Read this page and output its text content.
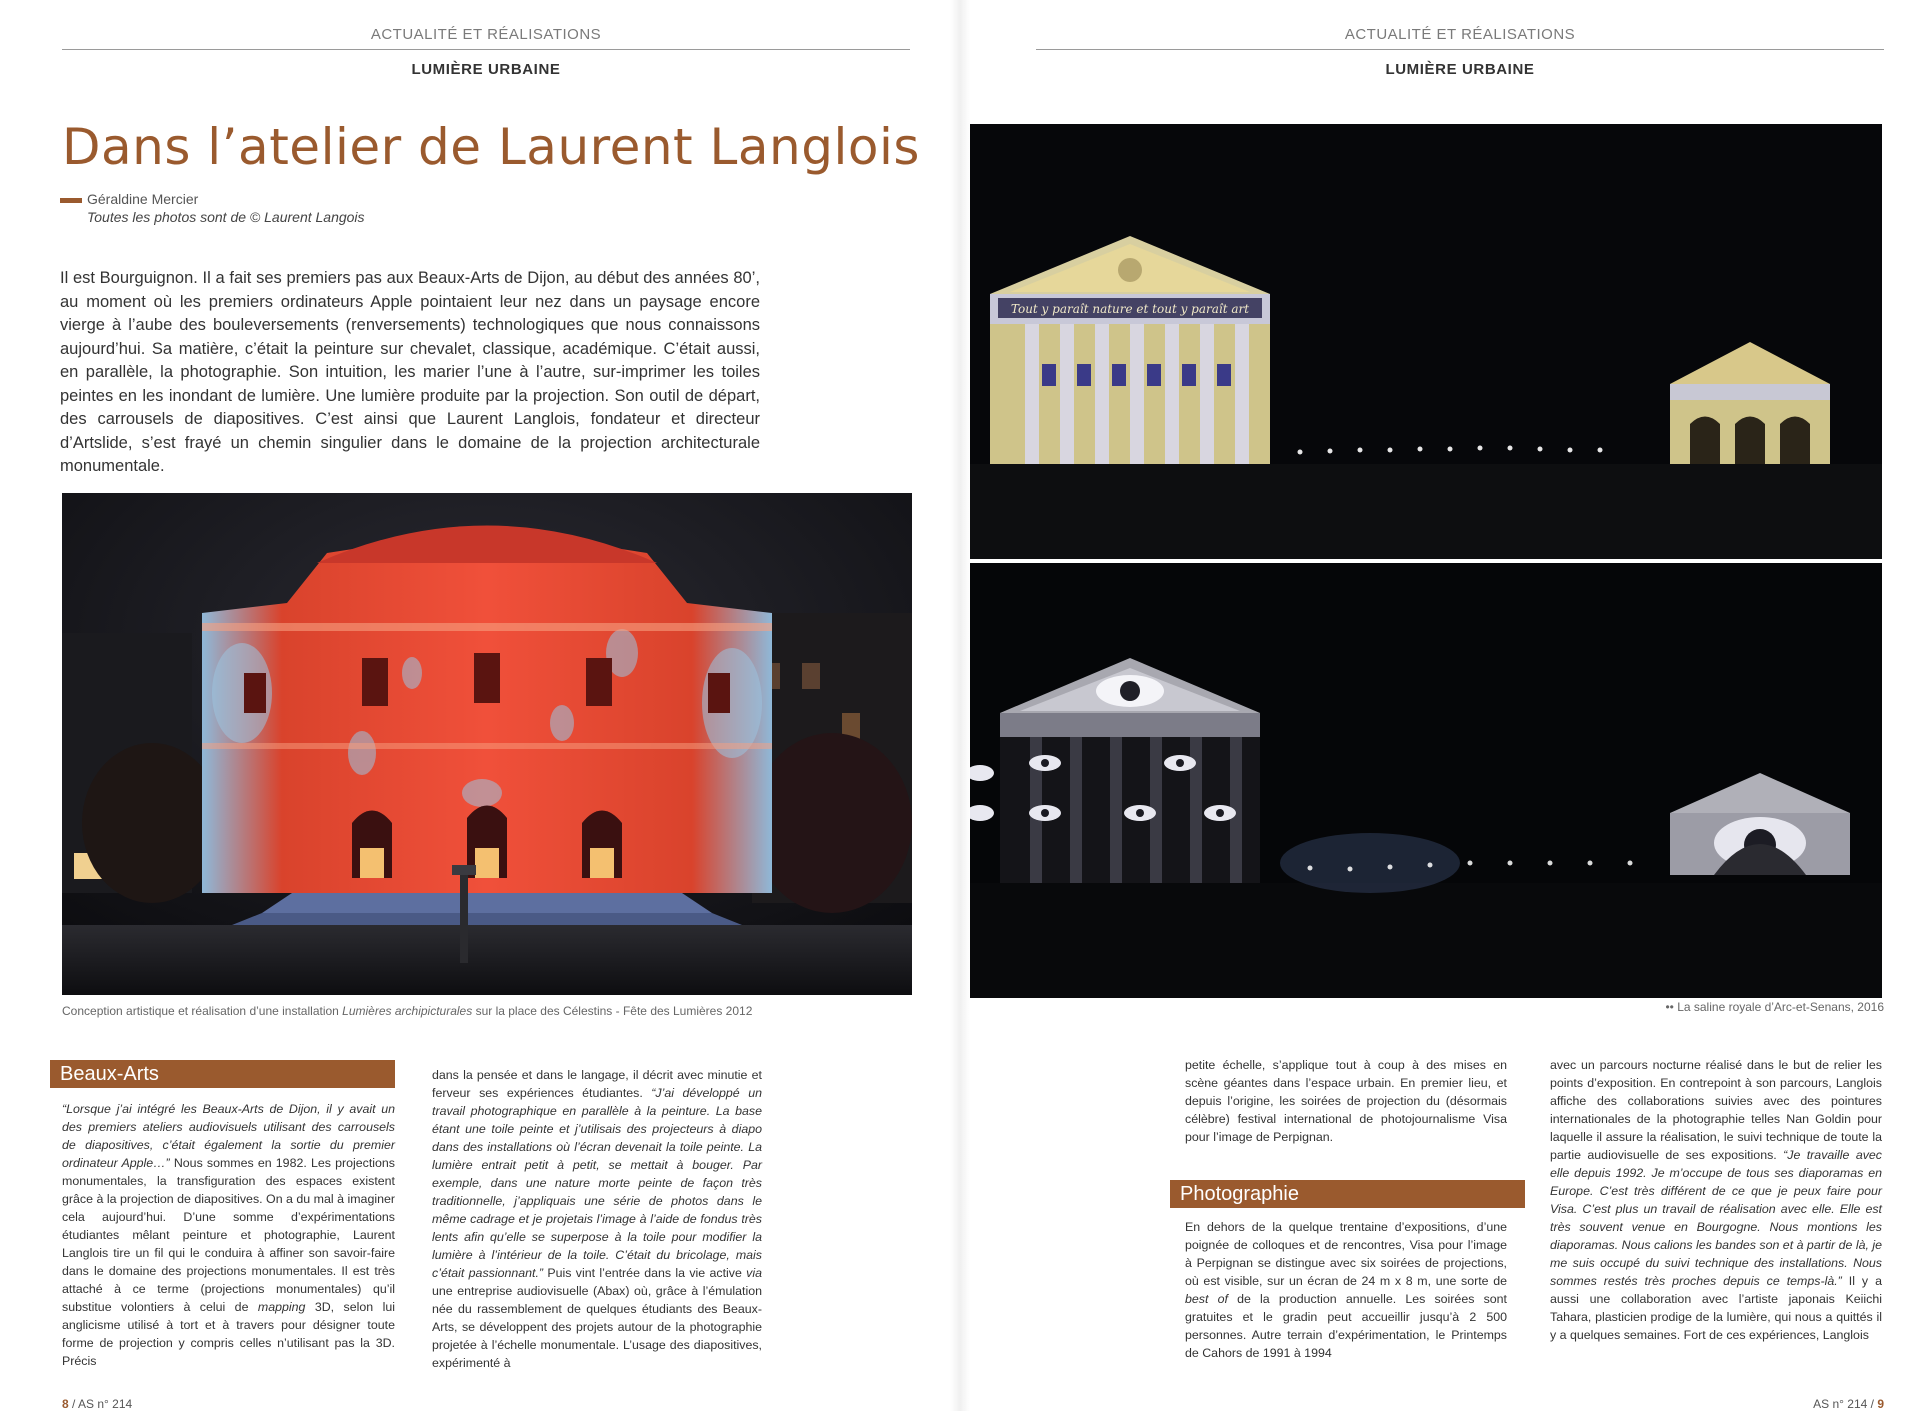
ACTUALITÉ ET RÉALISATIONS
LUMIÈRE URBAINE
Dans l’atelier de Laurent Langlois
Géraldine Mercier
Toutes les photos sont de © Laurent Langois

Il est Bourguignon. Il a fait ses premiers pas aux Beaux-Arts de Dijon, au début des années 80’, au moment où les premiers ordinateurs Apple pointaient leur nez dans un paysage encore vierge à l’aube des bouleversements (renversements) technologiques que nous connaissons aujourd’hui. Sa matière, c’était la peinture sur chevalet, classique, académique. C’était aussi, en parallèle, la photographie. Son intuition, les marier l’une à l’autre, sur-imprimer les toiles peintes en les inondant de lumière. Une lumière produite par la projection. Son outil de départ, des carrousels de diapositives. C’est ainsi que Laurent Langlois, fondateur et directeur d’Artslide, s’est frayé un chemin singulier dans le domaine de la projection architecturale monumentale.

Conception artistique et réalisation d’une installation Lumières archipicturales sur la place des Célestins - Fête des Lumières 2012
Beaux-Arts

“Lorsque j’ai intégré les Beaux-Arts de Dijon, il y avait un des premiers ateliers audiovisuels utilisant des carrousels de diapositives, c’était également la sortie du premier ordinateur Apple…” Nous sommes en 1982. Les projections monumentales, la transfiguration des espaces existent grâce à la projection de diapositives. On a du mal à imaginer cela aujourd’hui. D’une somme d’expérimentations étudiantes mêlant peinture et photographie, Laurent Langlois tire un fil qui le conduira à affiner son savoir-faire dans le domaine des projections monumentales. Il est très attaché à ce terme (projections monumentales) qu’il substitue volontiers à celui de mapping 3D, selon lui anglicisme utilisé à tort et à travers pour désigner toute forme de projection y compris celles n’utilisant pas la 3D. Précis

dans la pensée et dans le langage, il décrit avec minutie et ferveur ses expériences étudiantes. “J’ai développé un travail photographique en parallèle à la peinture. La base étant une toile peinte et j’utilisais des projecteurs à diapo dans des installations où l’écran devenait la toile peinte. La lumière entrait petit à petit, se mettait à bouger. Par exemple, dans une nature morte peinte de façon très traditionnelle, j’appliquais une série de photos dans le même cadrage et je projetais l’image à l’aide de fondus très lents afin qu’elle se superpose à la toile pour modifier la lumière à l’intérieur de la toile. C’était du bricolage, mais c’était passionnant.” Puis vint l’entrée dans la vie active via une entreprise audiovisuelle (Abax) où, grâce à l’émulation née du rassemblement de quelques étudiants des Beaux-Arts, se développent des projets autour de la photographie projetée à l’échelle monumentale. L’usage des diapositives, expérimenté à

8 / AS n° 214
ACTUALITÉ ET RÉALISATIONS
LUMIÈRE URBAINE
Tout y paraît nature et tout y paraît art
•• La saline royale d’Arc-et-Senans, 2016

petite échelle, s’applique tout à coup à des mises en scène géantes dans l’espace urbain. En premier lieu, et depuis l’origine, les soirées de projection du (désormais célèbre) festival international de photojournalisme Visa pour l’image de Perpignan.

Photographie

En dehors de la quelque trentaine d’expositions, d’une poignée de colloques et de rencontres, Visa pour l’image à Perpignan se distingue avec six soirées de projections, où est visible, sur un écran de 24 m x 8 m, une sorte de best of de la production annuelle. Les soirées sont gratuites et le gradin peut accueillir jusqu’à 2 500 personnes. Autre terrain d’expérimentation, le Printemps de Cahors de 1991 à 1994

avec un parcours nocturne réalisé dans le but de relier les points d’exposition. En contrepoint à son parcours, Langlois affiche des collaborations suivies avec des pointures internationales de la photographie telles Nan Goldin pour laquelle il assure la réalisation, le suivi technique de toute la partie audiovisuelle de ses expositions. “Je travaille avec elle depuis 1992. Je m’occupe de tous ses diaporamas en Europe. C’est très différent de ce que je peux faire pour Visa. C’est plus un travail de réalisation avec elle. Elle est très souvent venue en Bourgogne. Nous montions les diaporamas. Nous calions les bandes son et à partir de là, je me suis occupé du suivi technique des installations. Nous sommes restés très proches depuis ce temps-là.” Il y a aussi une collaboration avec l’artiste japonais Keiichi Tahara, plasticien prodige de la lumière, qui nous a quittés il y a quelques semaines. Fort de ces expériences, Langlois

AS n° 214 / 9
